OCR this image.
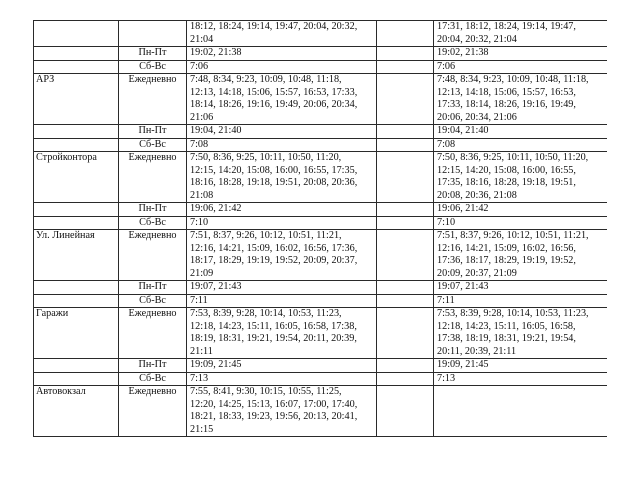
		18:12, 18:24, 19:14, 19:47, 20:04, 20:32,
21:04		17:31, 18:12, 18:24, 19:14, 19:47,
20:04, 20:32, 21:04
	Пн-Пт	19:02, 21:38		19:02, 21:38
	Сб-Вс	7:06		7:06
АРЗ	Ежедневно	7:48, 8:34, 9:23, 10:09, 10:48, 11:18,
12:13, 14:18, 15:06, 15:57, 16:53, 17:33,
18:14, 18:26, 19:16, 19:49, 20:06, 20:34,
21:06		7:48, 8:34, 9:23, 10:09, 10:48, 11:18,
12:13, 14:18, 15:06, 15:57, 16:53,
17:33, 18:14, 18:26, 19:16, 19:49,
20:06, 20:34, 21:06
	Пн-Пт	19:04, 21:40		19:04, 21:40
	Сб-Вс	7:08		7:08
Стройконтора	Ежедневно	7:50, 8:36, 9:25, 10:11, 10:50, 11:20,
12:15, 14:20, 15:08, 16:00, 16:55, 17:35,
18:16, 18:28, 19:18, 19:51, 20:08, 20:36,
21:08		7:50, 8:36, 9:25, 10:11, 10:50, 11:20,
12:15, 14:20, 15:08, 16:00, 16:55,
17:35, 18:16, 18:28, 19:18, 19:51,
20:08, 20:36, 21:08
	Пн-Пт	19:06, 21:42		19:06, 21:42
	Сб-Вс	7:10		7:10
Ул. Линейная	Ежедневно	7:51, 8:37, 9:26, 10:12, 10:51, 11:21,
12:16, 14:21, 15:09, 16:02, 16:56, 17:36,
18:17, 18:29, 19:19, 19:52, 20:09, 20:37,
21:09		7:51, 8:37, 9:26, 10:12, 10:51, 11:21,
12:16, 14:21, 15:09, 16:02, 16:56,
17:36, 18:17, 18:29, 19:19, 19:52,
20:09, 20:37, 21:09
	Пн-Пт	19:07, 21:43		19:07, 21:43
	Сб-Вс	7:11		7:11
Гаражи	Ежедневно	7:53, 8:39, 9:28, 10:14, 10:53, 11:23,
12:18, 14:23, 15:11, 16:05, 16:58, 17:38,
18:19, 18:31, 19:21, 19:54, 20:11, 20:39,
21:11		7:53, 8:39, 9:28, 10:14, 10:53, 11:23,
12:18, 14:23, 15:11, 16:05, 16:58,
17:38, 18:19, 18:31, 19:21, 19:54,
20:11, 20:39, 21:11
	Пн-Пт	19:09, 21:45		19:09, 21:45
	Сб-Вс	7:13		7:13
Автовокзал	Ежедневно	7:55, 8:41, 9:30, 10:15, 10:55, 11:25,
12:20, 14:25, 15:13, 16:07, 17:00, 17:40,
18:21, 18:33, 19:23, 19:56, 20:13, 20:41,
21:15		
